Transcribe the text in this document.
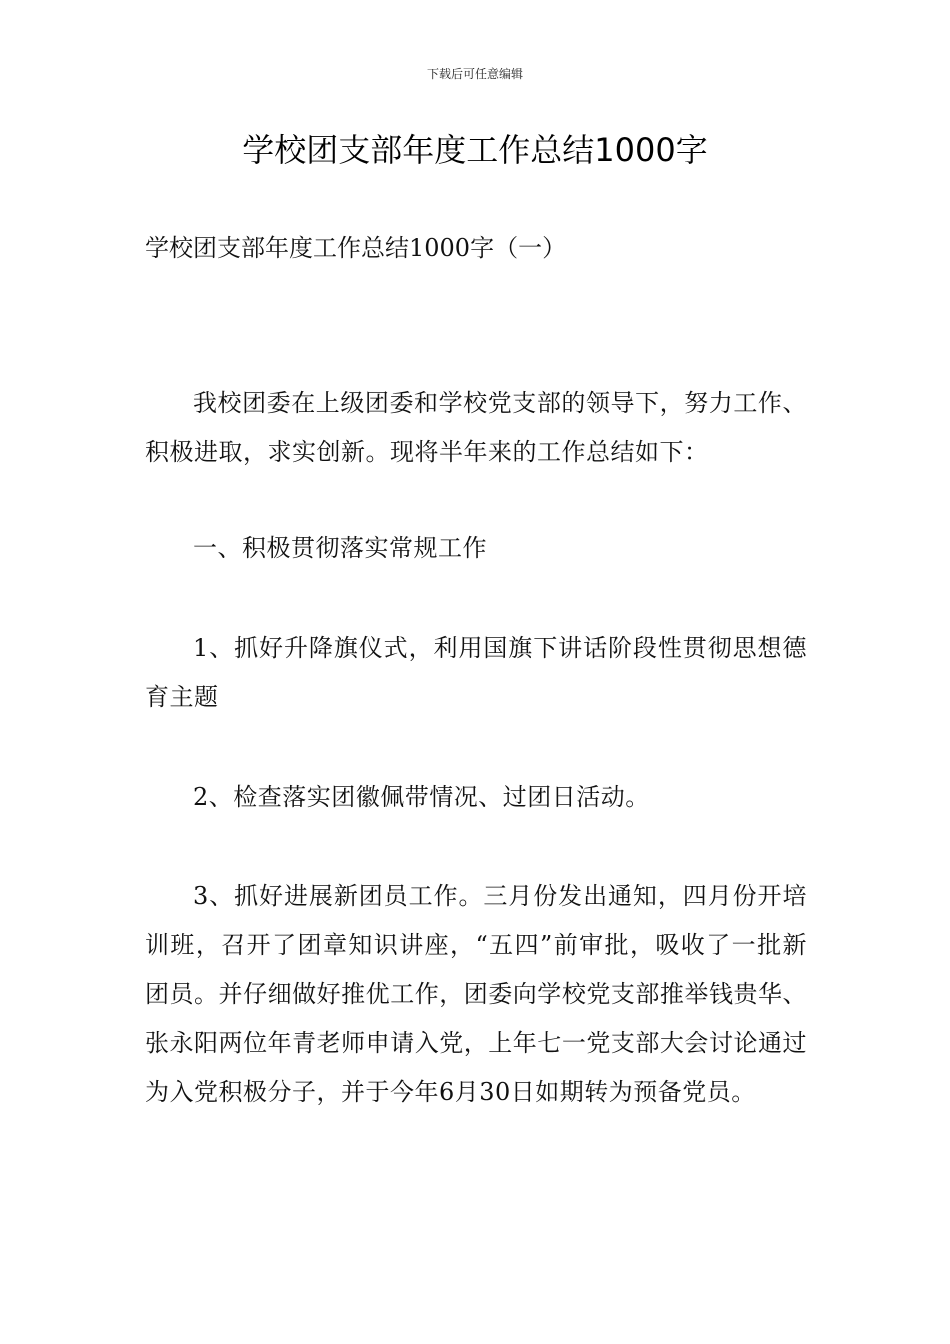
下载后可任意编辑
学校团支部年度工作总结1000字

学校团支部年度工作总结1000字（一）

我校团委在上级团委和学校党支部的领导下，努力工作、积极进取，求实创新。现将半年来的工作总结如下：

一、积极贯彻落实常规工作

1、抓好升降旗仪式，利用国旗下讲话阶段性贯彻思想德育主题

2、检查落实团徽佩带情况、过团日活动。

3、抓好进展新团员工作。三月份发出通知，四月份开培训班，召开了团章知识讲座，“五四”前审批，吸收了一批新团员。并仔细做好推优工作，团委向学校党支部推举钱贵华、张永阳两位年青老师申请入党，上年七一党支部大会讨论通过为入党积极分子，并于今年6月30日如期转为预备党员。
